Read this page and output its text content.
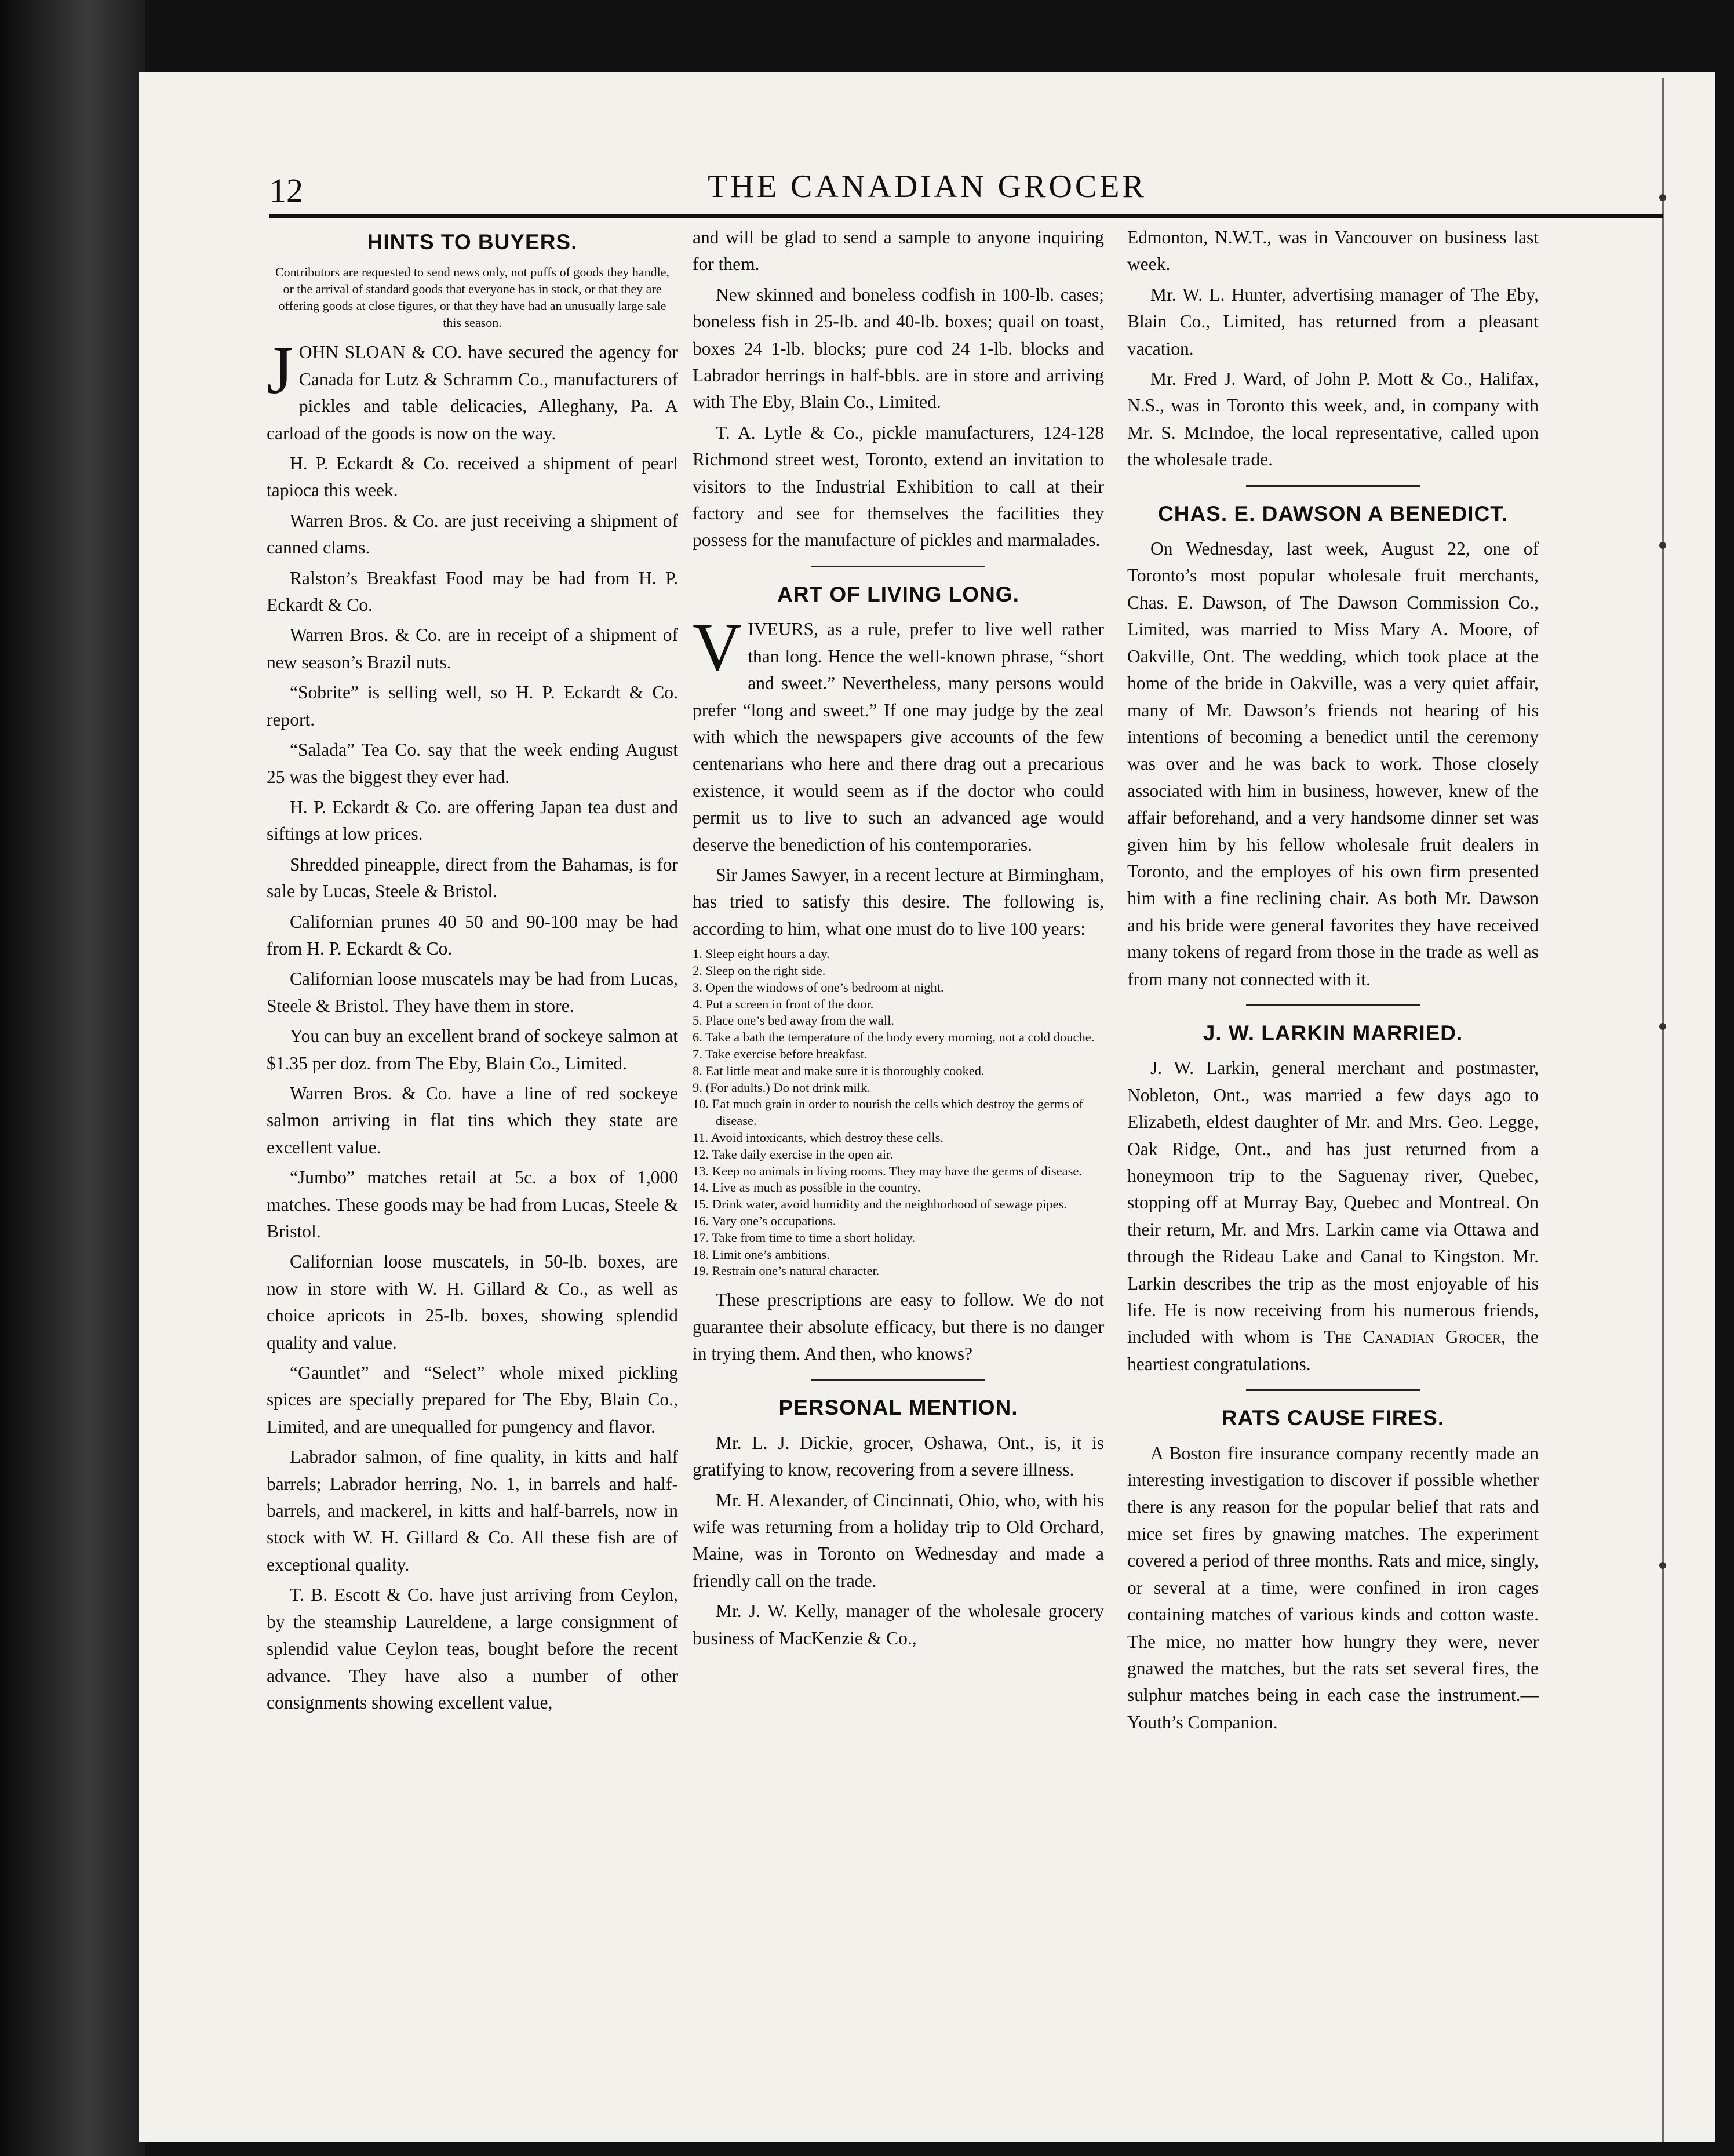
12	THE CANADIAN GROCER
HINTS TO BUYERS.
Contributors are requested to send news only, not puffs of goods they handle, or the arrival of standard goods that everyone has in stock, or that they are offering goods at close figures, or that they have had an unusually large sale this season.

JOHN SLOAN & CO. have secured the agency for Canada for Lutz & Schramm Co., manufacturers of pickles and table delicacies, Alleghany, Pa. A carload of the goods is now on the way.

H. P. Eckardt & Co. received a shipment of pearl tapioca this week.

Warren Bros. & Co. are just receiving a shipment of canned clams.

Ralston’s Breakfast Food may be had from H. P. Eckardt & Co.

Warren Bros. & Co. are in receipt of a shipment of new season’s Brazil nuts.

“Sobrite” is selling well, so H. P. Eckardt & Co. report.

“Salada” Tea Co. say that the week ending August 25 was the biggest they ever had.

H. P. Eckardt & Co. are offering Japan tea dust and siftings at low prices.

Shredded pineapple, direct from the Bahamas, is for sale by Lucas, Steele & Bristol.

Californian prunes 40 50 and 90-100 may be had from H. P. Eckardt & Co.

Californian loose muscatels may be had from Lucas, Steele & Bristol. They have them in store.

You can buy an excellent brand of sockeye salmon at $1.35 per doz. from The Eby, Blain Co., Limited.

Warren Bros. & Co. have a line of red sockeye salmon arriving in flat tins which they state are excellent value.

“Jumbo” matches retail at 5c. a box of 1,000 matches. These goods may be had from Lucas, Steele & Bristol.

Californian loose muscatels, in 50-lb. boxes, are now in store with W. H. Gillard & Co., as well as choice apricots in 25-lb. boxes, showing splendid quality and value.

“Gauntlet” and “Select” whole mixed pickling spices are specially prepared for The Eby, Blain Co., Limited, and are unequalled for pungency and flavor.

Labrador salmon, of fine quality, in kitts and half barrels; Labrador herring, No. 1, in barrels and half-barrels, and mackerel, in kitts and half-barrels, now in stock with W. H. Gillard & Co. All these fish are of exceptional quality.

T. B. Escott & Co. have just arriving from Ceylon, by the steamship Laureldene, a large consignment of splendid value Ceylon teas, bought before the recent advance. They have also a number of other consignments showing excellent value,

and will be glad to send a sample to anyone inquiring for them.

New skinned and boneless codfish in 100-lb. cases; boneless fish in 25-lb. and 40-lb. boxes; quail on toast, boxes 24 1-lb. blocks; pure cod 24 1-lb. blocks and Labrador herrings in half-bbls. are in store and arriving with The Eby, Blain Co., Limited.

T. A. Lytle & Co., pickle manufacturers, 124-128 Richmond street west, Toronto, extend an invitation to visitors to the Industrial Exhibition to call at their factory and see for themselves the facilities they possess for the manufacture of pickles and marmalades.

ART OF LIVING LONG.

VIVEURS, as a rule, prefer to live well rather than long. Hence the well-known phrase, “short and sweet.” Nevertheless, many persons would prefer “long and sweet.” If one may judge by the zeal with which the newspapers give accounts of the few centenarians who here and there drag out a precarious existence, it would seem as if the doctor who could permit us to live to such an advanced age would deserve the benediction of his contemporaries.

Sir James Sawyer, in a recent lecture at Birmingham, has tried to satisfy this desire. The following is, according to him, what one must do to live 100 years:

1. Sleep eight hours a day.
2. Sleep on the right side.
3. Open the windows of one’s bedroom at night.
4. Put a screen in front of the door.
5. Place one’s bed away from the wall.
6. Take a bath the temperature of the body every morning, not a cold douche.
7. Take exercise before breakfast.
8. Eat little meat and make sure it is thoroughly cooked.
9. (For adults.) Do not drink milk.
10. Eat much grain in order to nourish the cells which destroy the germs of disease.
11. Avoid intoxicants, which destroy these cells.
12. Take daily exercise in the open air.
13. Keep no animals in living rooms. They may have the germs of disease.
14. Live as much as possible in the country.
15. Drink water, avoid humidity and the neighborhood of sewage pipes.
16. Vary one’s occupations.
17. Take from time to time a short holiday.
18. Limit one’s ambitions.
19. Restrain one’s natural character.

These prescriptions are easy to follow. We do not guarantee their absolute efficacy, but there is no danger in trying them. And then, who knows?

PERSONAL MENTION.

Mr. L. J. Dickie, grocer, Oshawa, Ont., is, it is gratifying to know, recovering from a severe illness.

Mr. H. Alexander, of Cincinnati, Ohio, who, with his wife was returning from a holiday trip to Old Orchard, Maine, was in Toronto on Wednesday and made a friendly call on the trade.

Mr. J. W. Kelly, manager of the wholesale grocery business of MacKenzie & Co.,

Edmonton, N.W.T., was in Vancouver on business last week.

Mr. W. L. Hunter, advertising manager of The Eby, Blain Co., Limited, has returned from a pleasant vacation.

Mr. Fred J. Ward, of John P. Mott & Co., Halifax, N.S., was in Toronto this week, and, in company with Mr. S. McIndoe, the local representative, called upon the wholesale trade.

CHAS. E. DAWSON A BENEDICT.

On Wednesday, last week, August 22, one of Toronto’s most popular wholesale fruit merchants, Chas. E. Dawson, of The Dawson Commission Co., Limited, was married to Miss Mary A. Moore, of Oakville, Ont. The wedding, which took place at the home of the bride in Oakville, was a very quiet affair, many of Mr. Dawson’s friends not hearing of his intentions of becoming a benedict until the ceremony was over and he was back to work. Those closely associated with him in business, however, knew of the affair beforehand, and a very handsome dinner set was given him by his fellow wholesale fruit dealers in Toronto, and the employes of his own firm presented him with a fine reclining chair. As both Mr. Dawson and his bride were general favorites they have received many tokens of regard from those in the trade as well as from many not connected with it.

J. W. LARKIN MARRIED.

J. W. Larkin, general merchant and postmaster, Nobleton, Ont., was married a few days ago to Elizabeth, eldest daughter of Mr. and Mrs. Geo. Legge, Oak Ridge, Ont., and has just returned from a honeymoon trip to the Saguenay river, Quebec, stopping off at Murray Bay, Quebec and Montreal. On their return, Mr. and Mrs. Larkin came via Ottawa and through the Rideau Lake and Canal to Kingston. Mr. Larkin describes the trip as the most enjoyable of his life. He is now receiving from his numerous friends, included with whom is The Canadian Grocer, the heartiest congratulations.

RATS CAUSE FIRES.

A Boston fire insurance company recently made an interesting investigation to discover if possible whether there is any reason for the popular belief that rats and mice set fires by gnawing matches. The experiment covered a period of three months. Rats and mice, singly, or several at a time, were confined in iron cages containing matches of various kinds and cotton waste. The mice, no matter how hungry they were, never gnawed the matches, but the rats set several fires, the sulphur matches being in each case the instrument.—Youth’s Companion.
